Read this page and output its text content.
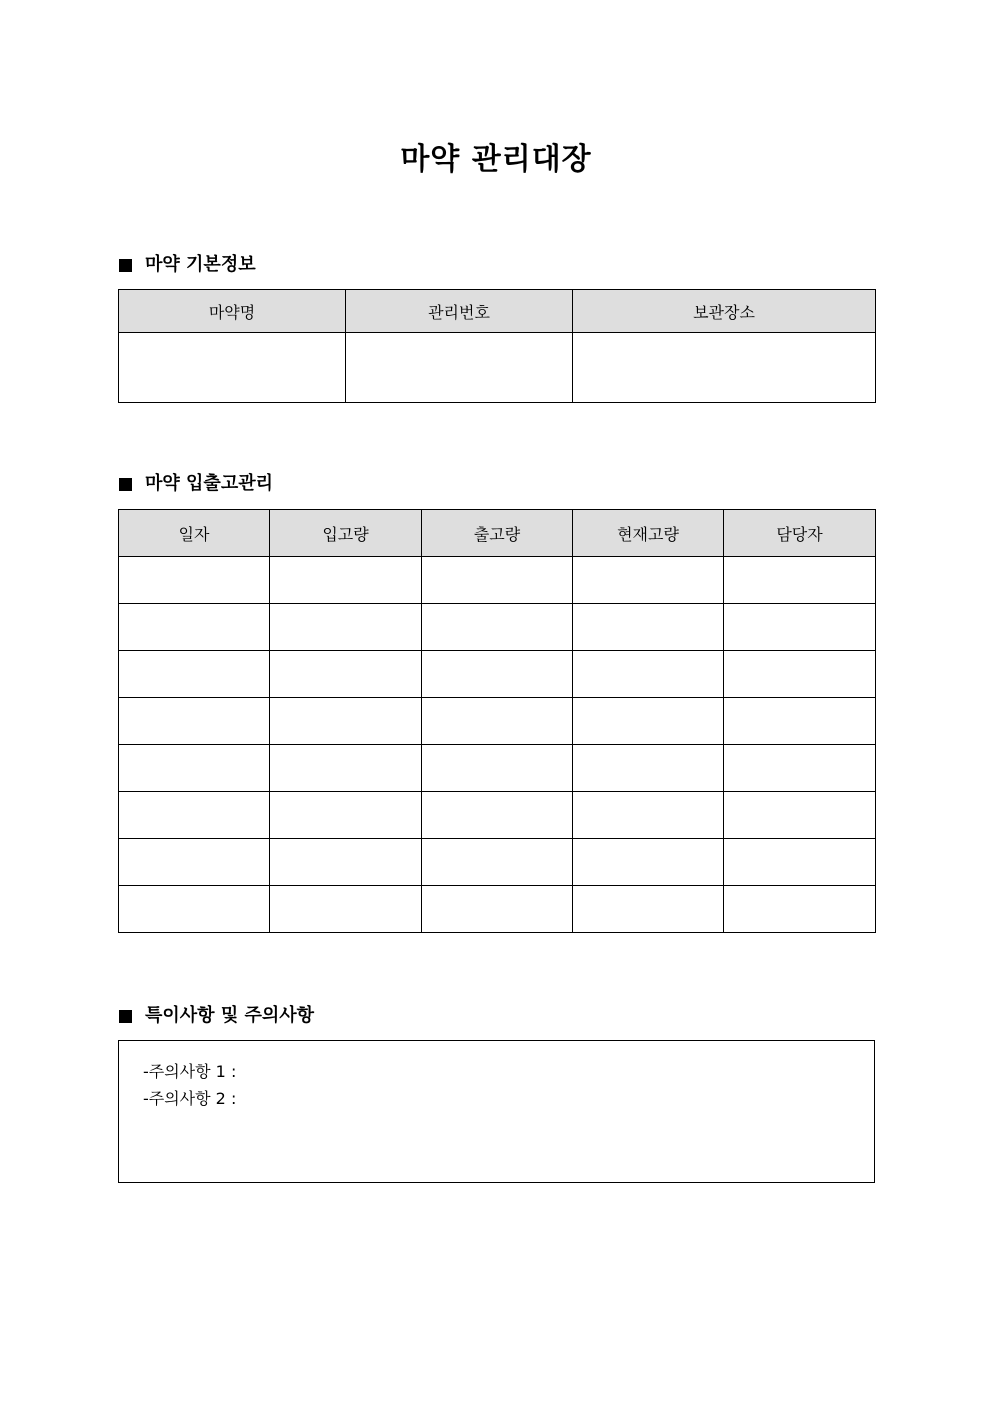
마약 관리대장
마약 기본정보
마약명	관리번호	보관장소

마약 입출고관리
일자	입고량	출고량	현재고량	담당자

특이사항 및 주의사항
-주의사항 1 :
-주의사항 2 :
